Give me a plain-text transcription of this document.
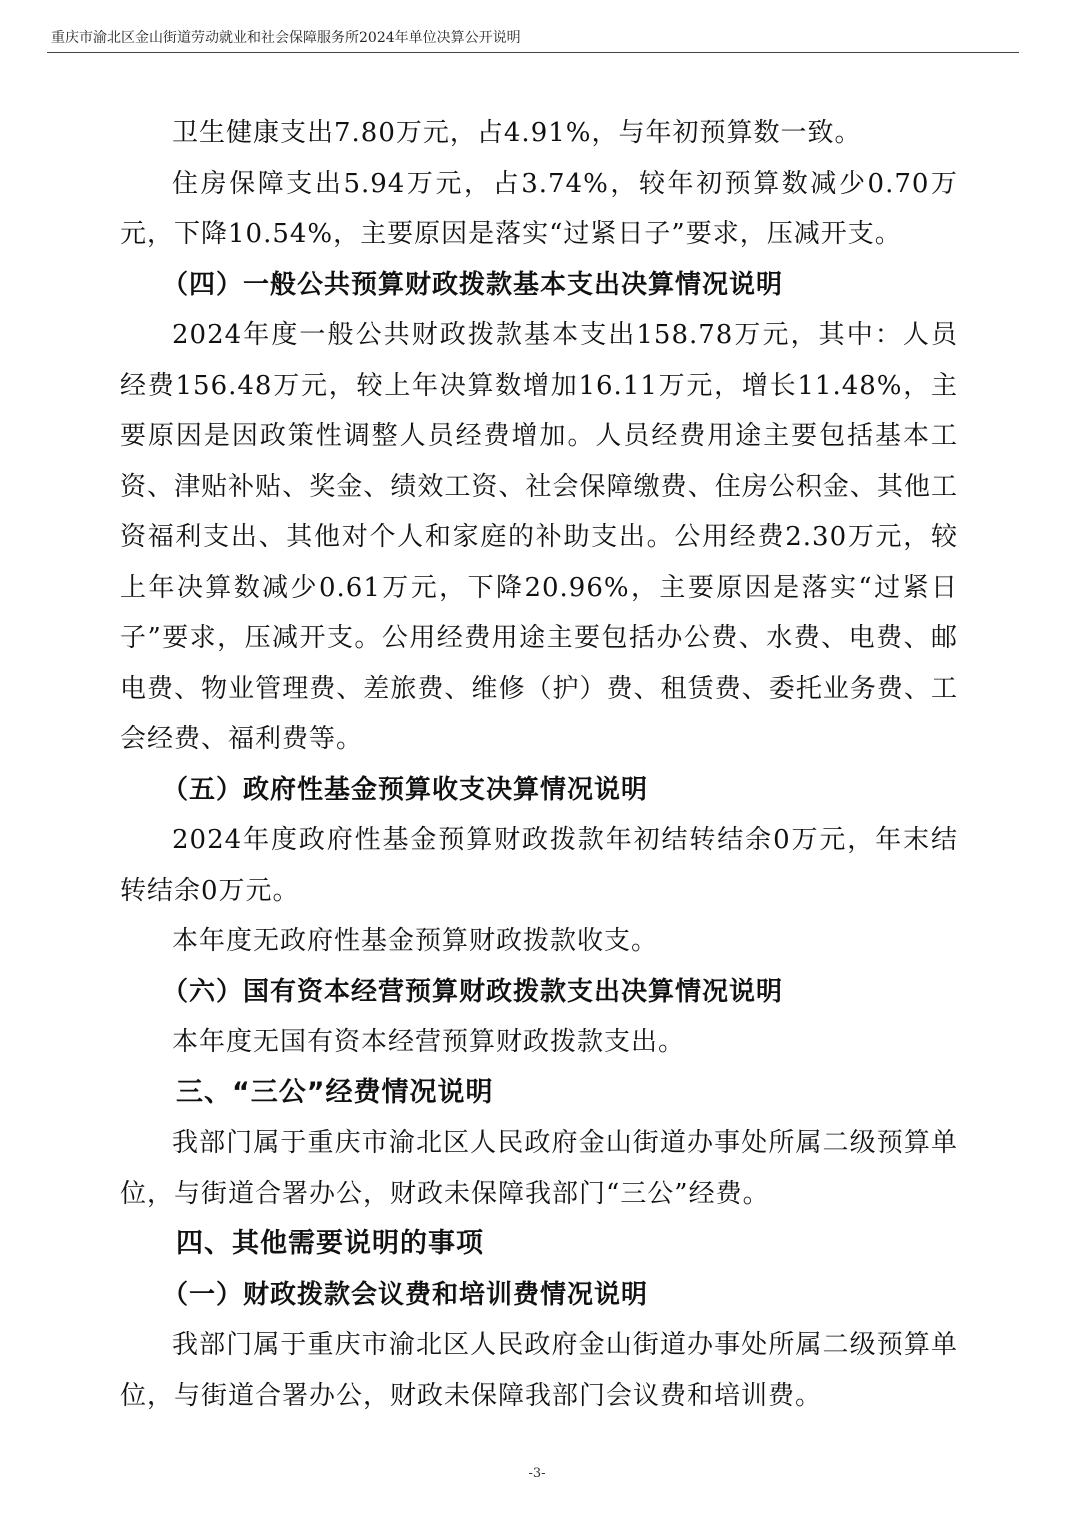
重庆市渝北区金山街道劳动就业和社会保障服务所2024年单位决算公开说明

卫生健康支出7.80万元，占4.91%，与年初预算数一致。

住房保障支出5.94万元，占3.74%，较年初预算数减少0.70万元，下降10.54%，主要原因是落实“过紧日子”要求，压减开支。

（四）一般公共预算财政拨款基本支出决算情况说明

2024年度一般公共财政拨款基本支出158.78万元，其中：人员经费156.48万元，较上年决算数增加16.11万元，增长11.48%，主要原因是因政策性调整人员经费增加。人员经费用途主要包括基本工资、津贴补贴、奖金、绩效工资、社会保障缴费、住房公积金、其他工资福利支出、其他对个人和家庭的补助支出。公用经费2.30万元，较上年决算数减少0.61万元，下降20.96%，主要原因是落实“过紧日子”要求，压减开支。公用经费用途主要包括办公费、水费、电费、邮电费、物业管理费、差旅费、维修（护）费、租赁费、委托业务费、工会经费、福利费等。

（五）政府性基金预算收支决算情况说明

2024年度政府性基金预算财政拨款年初结转结余0万元，年末结转结余0万元。

本年度无政府性基金预算财政拨款收支。

（六）国有资本经营预算财政拨款支出决算情况说明

本年度无国有资本经营预算财政拨款支出。

三、“三公”经费情况说明

我部门属于重庆市渝北区人民政府金山街道办事处所属二级预算单位，与街道合署办公，财政未保障我部门“三公”经费。

四、其他需要说明的事项

（一）财政拨款会议费和培训费情况说明

我部门属于重庆市渝北区人民政府金山街道办事处所属二级预算单位，与街道合署办公，财政未保障我部门会议费和培训费。

-3-
